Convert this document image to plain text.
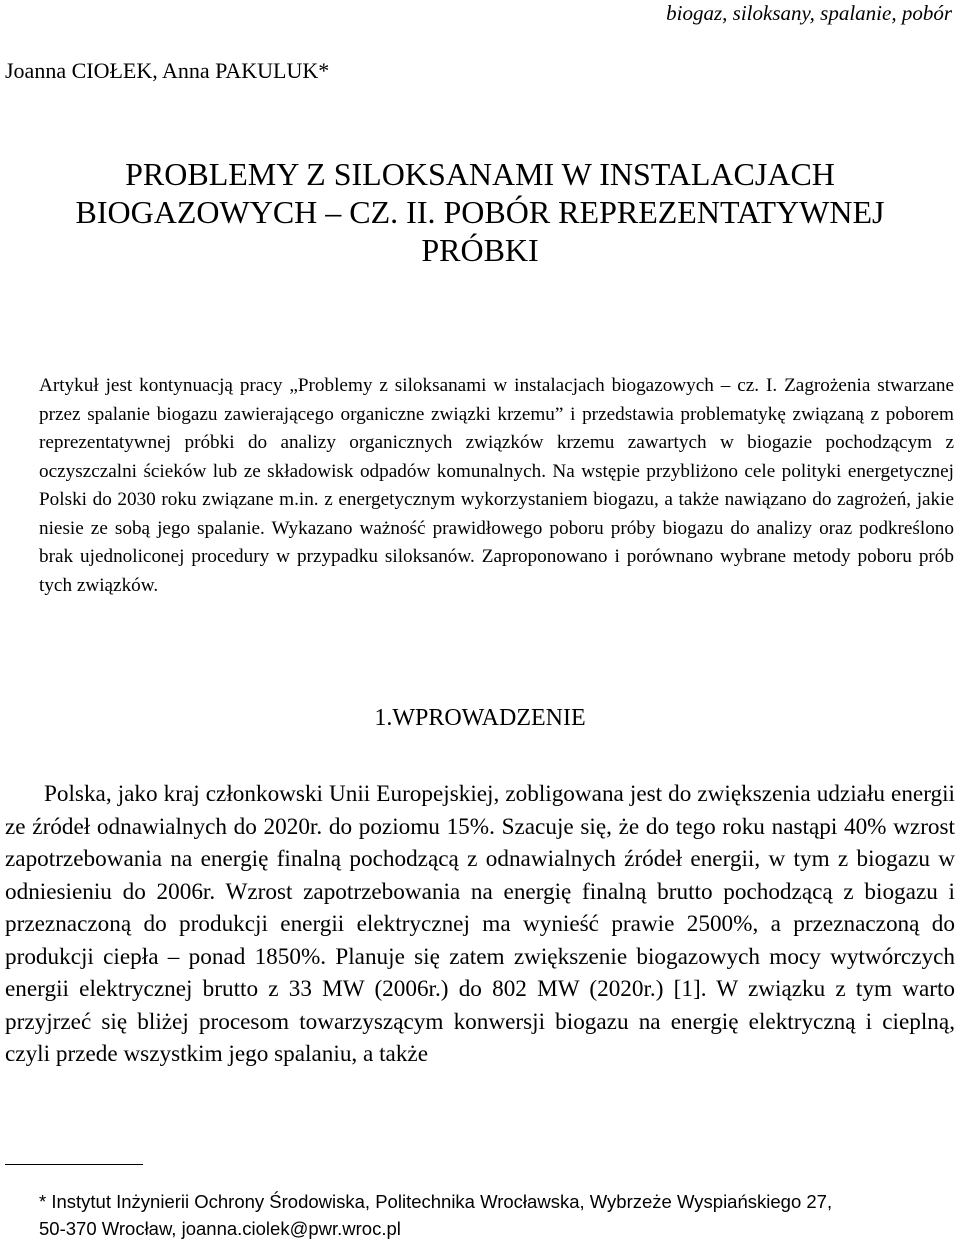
biogaz, siloksany, spalanie, pobór
Joanna CIOŁEK, Anna PAKULUK*
PROBLEMY Z SILOKSANAMI W INSTALACJACH
BIOGAZOWYCH – CZ. II. POBÓR REPREZENTATYWNEJ
PRÓBKI

Artykuł jest kontynuacją pracy „Problemy z siloksanami w instalacjach biogazowych – cz. I. Zagrożenia stwarzane przez spalanie biogazu zawierającego organiczne związki krzemu” i przedstawia problematykę związaną z poborem reprezentatywnej próbki do analizy organicznych związków krzemu zawartych w biogazie pochodzącym z oczyszczalni ścieków lub ze składowisk odpadów komunalnych. Na wstępie przybliżono cele polityki energetycznej Polski do 2030 roku związane m.in. z energetycznym wykorzystaniem biogazu, a także nawiązano do zagrożeń, jakie niesie ze sobą jego spalanie. Wykazano ważność prawidłowego poboru próby biogazu do analizy oraz podkreślono brak ujednoliconej procedury w przypadku siloksanów. Zaproponowano i porównano wybrane metody poboru prób tych związków.

1.WPROWADZENIE

Polska, jako kraj członkowski Unii Europejskiej, zobligowana jest do zwiększenia udziału energii ze źródeł odnawialnych do 2020r. do poziomu 15%. Szacuje się, że do tego roku nastąpi 40% wzrost zapotrzebowania na energię finalną pochodzącą z odnawialnych źródeł energii, w tym z biogazu w odniesieniu do 2006r. Wzrost zapotrzebowania na energię finalną brutto pochodzącą z biogazu i przeznaczoną do produkcji energii elektrycznej ma wynieść prawie 2500%, a przeznaczoną do produkcji ciepła – ponad 1850%. Planuje się zatem zwiększenie biogazowych mocy wytwórczych energii elektrycznej brutto z 33 MW (2006r.) do 802 MW (2020r.) [1]. W związku z tym warto przyjrzeć się bliżej procesom towarzyszącym konwersji biogazu na energię elektryczną i cieplną, czyli przede wszystkim jego spalaniu, a także

* Instytut Inżynierii Ochrony Środowiska, Politechnika Wrocławska, Wybrzeże Wyspiańskiego 27,
50-370 Wrocław, joanna.ciolek@pwr.wroc.pl
